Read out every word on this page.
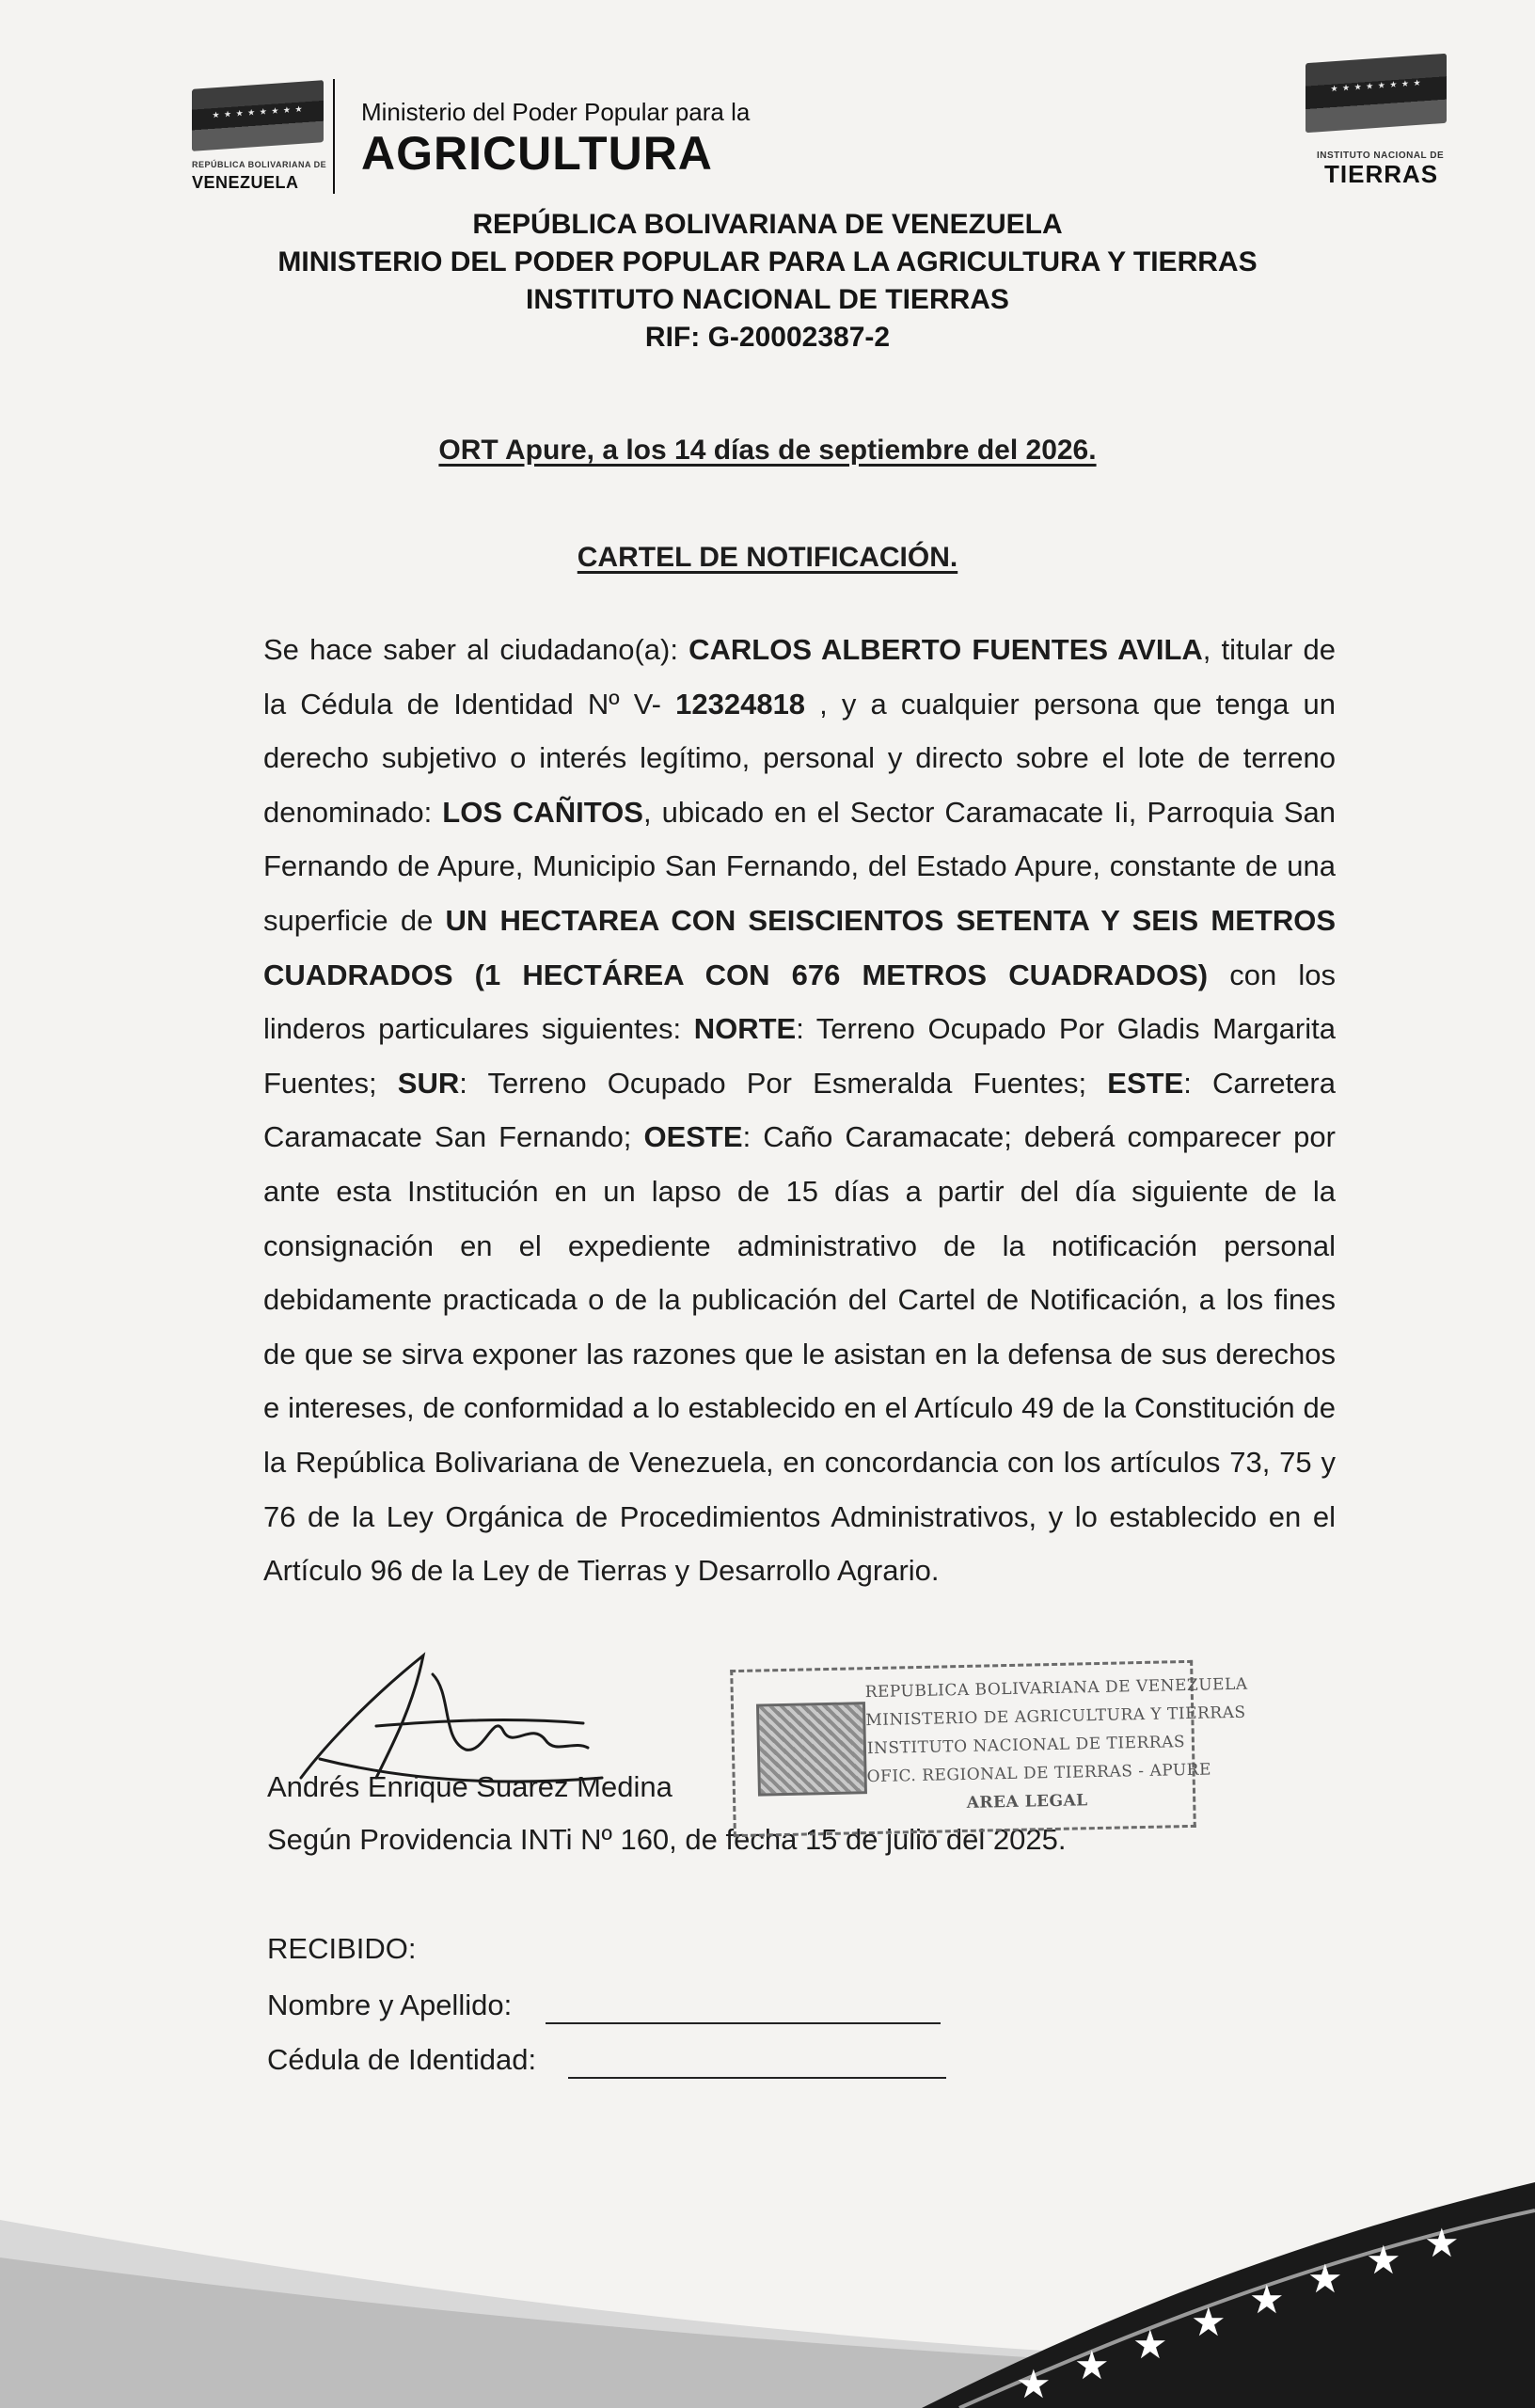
★ ★ ★ ★ ★ ★ ★ ★
REPÚBLICA BOLIVARIANA DE
VENEZUELA
Ministerio del Poder Popular para la
AGRICULTURA
★ ★ ★ ★ ★ ★ ★ ★
INSTITUTO NACIONAL DE
TIERRAS
REPÚBLICA BOLIVARIANA DE VENEZUELA
MINISTERIO DEL PODER POPULAR PARA LA AGRICULTURA Y TIERRAS
INSTITUTO NACIONAL DE TIERRAS
RIF: G-20002387-2
ORT Apure, a los 14 días de septiembre del 2026.
CARTEL DE NOTIFICACIÓN.
Se hace saber al ciudadano(a): CARLOS ALBERTO FUENTES AVILA, titular de la Cédula de Identidad Nº V- 12324818 , y a cualquier persona que tenga un derecho subjetivo o interés legítimo, personal y directo sobre el lote de terreno denominado: LOS CAÑITOS, ubicado en el Sector Caramacate Ii, Parroquia San Fernando de Apure, Municipio San Fernando, del Estado Apure, constante de una superficie de UN HECTAREA CON SEISCIENTOS SETENTA Y SEIS METROS CUADRADOS (1 HECTÁREA CON 676 METROS CUADRADOS) con los linderos particulares siguientes: NORTE: Terreno Ocupado Por Gladis Margarita Fuentes; SUR: Terreno Ocupado Por Esmeralda Fuentes; ESTE: Carretera Caramacate San Fernando; OESTE: Caño Caramacate; deberá comparecer por ante esta Institución en un lapso de 15 días a partir del día siguiente de la consignación en el expediente administrativo de la notificación personal debidamente practicada o de la publicación del Cartel de Notificación, a los fines de que se sirva exponer las razones que le asistan en la defensa de sus derechos e intereses, de conformidad a lo establecido en el Artículo 49 de la Constitución de la República Bolivariana de Venezuela, en concordancia con los artículos 73, 75 y 76 de la Ley Orgánica de Procedimientos Administrativos, y lo establecido en el Artículo 96 de la Ley de Tierras y Desarrollo Agrario.
Andrés Enrique Suarez Medina
Según Providencia INTi Nº 160, de fecha 15 de julio del 2025.
REPUBLICA BOLIVARIANA DE VENEZUELA
MINISTERIO DE AGRICULTURA Y TIERRAS
INSTITUTO NACIONAL DE TIERRAS
OFIC. REGIONAL DE TIERRAS - APURE
AREA LEGAL
RECIBIDO:
Nombre y Apellido:
Cédula de Identidad:
★ ★ ★
★
★ ★ ★ ★
